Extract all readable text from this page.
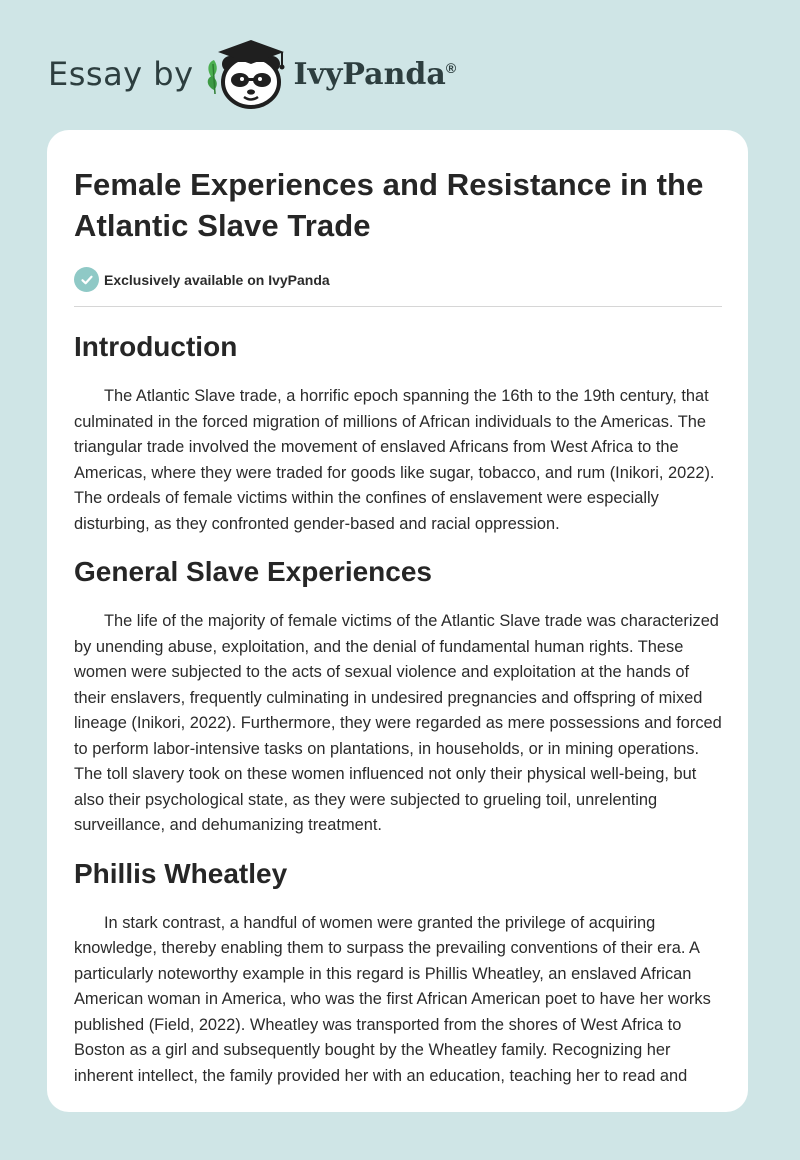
Essay by	IvyPanda®
Female Experiences and Resistance in the Atlantic Slave Trade
Exclusively available on IvyPanda
Introduction

The Atlantic Slave trade, a horrific epoch spanning the 16th to the 19th century, that culminated in the forced migration of millions of African individuals to the Americas. The triangular trade involved the movement of enslaved Africans from West Africa to the Americas, where they were traded for goods like sugar, tobacco, and rum (Inikori, 2022). The ordeals of female victims within the confines of enslavement were especially disturbing, as they confronted gender-based and racial oppression.

General Slave Experiences

The life of the majority of female victims of the Atlantic Slave trade was characterized by unending abuse, exploitation, and the denial of fundamental human rights. These women were subjected to the acts of sexual violence and exploitation at the hands of their enslavers, frequently culminating in undesired pregnancies and offspring of mixed lineage (Inikori, 2022). Furthermore, they were regarded as mere possessions and forced to perform labor-intensive tasks on plantations, in households, or in mining operations. The toll slavery took on these women influenced not only their physical well-being, but also their psychological state, as they were subjected to grueling toil, unrelenting surveillance, and dehumanizing treatment.

Phillis Wheatley

In stark contrast, a handful of women were granted the privilege of acquiring knowledge, thereby enabling them to surpass the prevailing conventions of their era. A particularly noteworthy example in this regard is Phillis Wheatley, an enslaved African American woman in America, who was the first African American poet to have her works published (Field, 2022). Wheatley was transported from the shores of West Africa to Boston as a girl and subsequently bought by the Wheatley family. Recognizing her inherent intellect, the family provided her with an education, teaching her to read and
